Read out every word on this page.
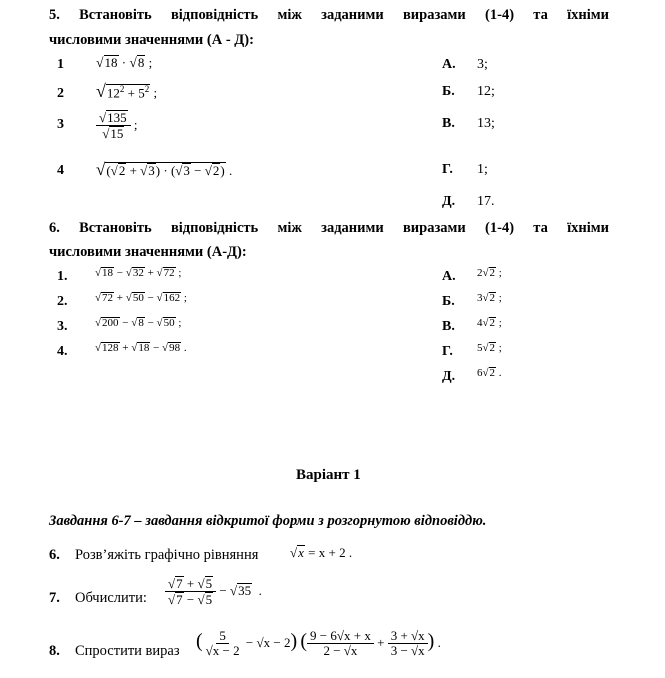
5. Встановіть відповідність між заданими виразами (1-4) та їхніми
числовими значеннями (А - Д):
1 √18 · √8 ;
2 $√12^2 + 5^2$ ;
$3 \frac{√135}{√15}$ ;
4 √(√2 + √3) · (√3 − √2) .
А. 3;
Б. 12;
В. 13;
Г. 1;
Д. 17.
6. Встановіть відповідність між заданими виразами (1-4) та їхніми
числовими значеннями (А-Д):
1.	√18 − √32 + √72 ;
2.	√72 + √50 − √162 ;
3.	√200 − √8 − √50 ;
4.	√128 + √18 − √98 .
А. 2√2 ;
Б. 3√2 ;
В. 4√2 ;
Г. 5√2 ;
Д. 6√2 .
Варіант 1
Завдання 6-7 – завдання відкритої форми з розгорнутою відповіддю.
6. Розв’яжіть графічно рівняння √x = x + 2 .
7. Обчислити: $\frac{√7 + √5}{√7 - √5} - √35$ .
8. Спростити вираз ( $\frac{5}{√x - 2} - √x - 2$) ( $\frac{9 - 6√x + x}{2 - √x} + \frac{3 + √x}{3 - √x}$ ) .
